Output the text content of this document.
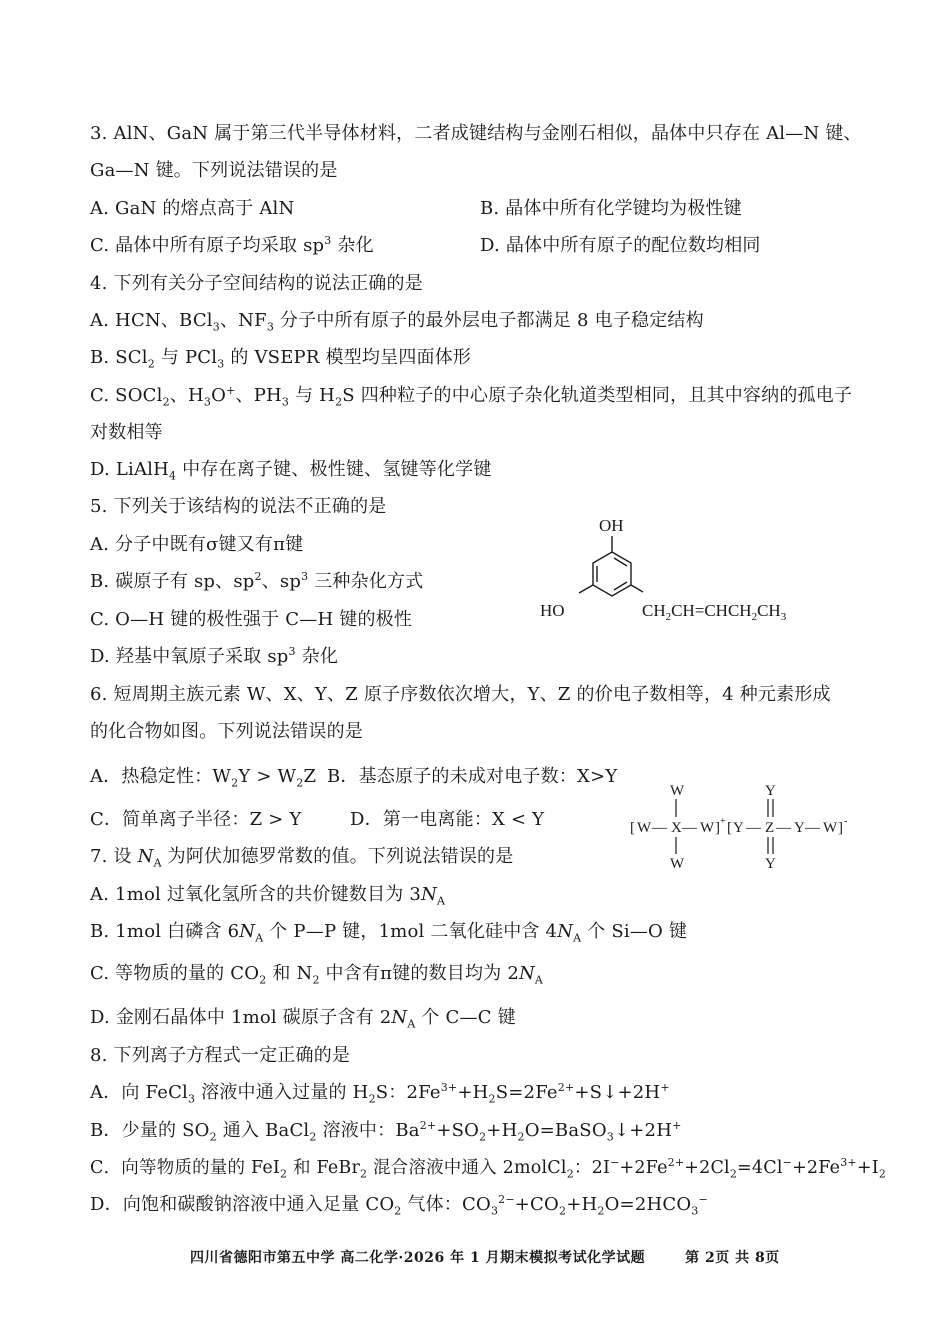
3. AlN、GaN 属于第三代半导体材料，二者成键结构与金刚石相似，晶体中只存在 Al—N 键、
Ga—N 键。下列说法错误的是
A. GaN 的熔点高于 AlN	B. 晶体中所有化学键均为极性键
C. 晶体中所有原子均采取 $sp^3$ 杂化	D. 晶体中所有原子的配位数均相同
4. 下列有关分子空间结构的说法正确的是
A. HCN、BCl$_3$、$NF_3$ 分子中所有原子的最外层电子都满足 8 电子稳定结构
B. SCl$_2$ 与 PCl$_3$ 的 VSEPR 模型均呈四面体形
C. SOCl$_2$、$H_3O^+$、$PH_3$ 与 $H_2S$ 四种粒子的中心原子杂化轨道类型相同，且其中容纳的孤电子
对数相等
D. LiAlH$_4$ 中存在离子键、极性键、氢键等化学键
5. 下列关于该结构的说法不正确的是
A. 分子中既有σ键又有π键
B. 碳原子有 sp、$sp^2$、$sp^3$ 三种杂化方式
C. O—H 键的极性强于 C—H 键的极性
D. 羟基中氧原子采取 $sp^3$ 杂化
OH
HO	$CH_2CH=CHCH_2CH_3$
6. 短周期主族元素 W、X、Y、Z 原子序数依次增大，Y、Z 的价电子数相等，4 种元素形成
的化合物如图。下列说法错误的是
A．热稳定性：$W_2Y > W_2Z$ B．基态原子的未成对电子数：X>Y
C．简单离子半径：Z > Y	D．第一电离能：X < Y
W
[ W — X — W ] +
W
[ Y — Z — Y — W ] -
Y
Y
7. 设 $N_A$ 为阿伏加德罗常数的值。下列说法错误的是
A. 1mol 过氧化氢所含的共价键数目为 $3N_A$
B. 1mol 白磷含 $6N_A$ 个 P—P 键，1mol 二氧化硅中含 $4N_A$ 个 Si—O 键
C. 等物质的量的 $CO_2$ 和 $N_2$ 中含有π键的数目均为 $2N_A$
D. 金刚石晶体中 1mol 碳原子含有 $2N_A$ 个 C—C 键
8. 下列离子方程式一定正确的是
A．向 FeCl$_3$ 溶液中通入过量的 $H_2S$：$2Fe^{3+}+H_2S=2Fe^{2+}+S↓+2H^+$
B．少量的 $SO_2$ 通入 BaCl$_2$ 溶液中：$Ba^{2+}+SO_2+H_2O=BaSO_3↓+2H^+$
C．向等物质的量的 FeI$_2$ 和 FeBr$_2$ 混合溶液中通入 2molCl$_2$：$2I^-+2Fe^{2+}+2Cl_2=4Cl^-+2Fe^{3+}+I_2$
D．向饱和碳酸钠溶液中通入足量 $CO_2$ 气体：$CO_3^{2-}+CO_2+H_2O=2HCO_3^-$
四川省德阳市第五中学 高二化学·2026 年 1 月期末模拟考试化学试题	第 2页 共 8页
